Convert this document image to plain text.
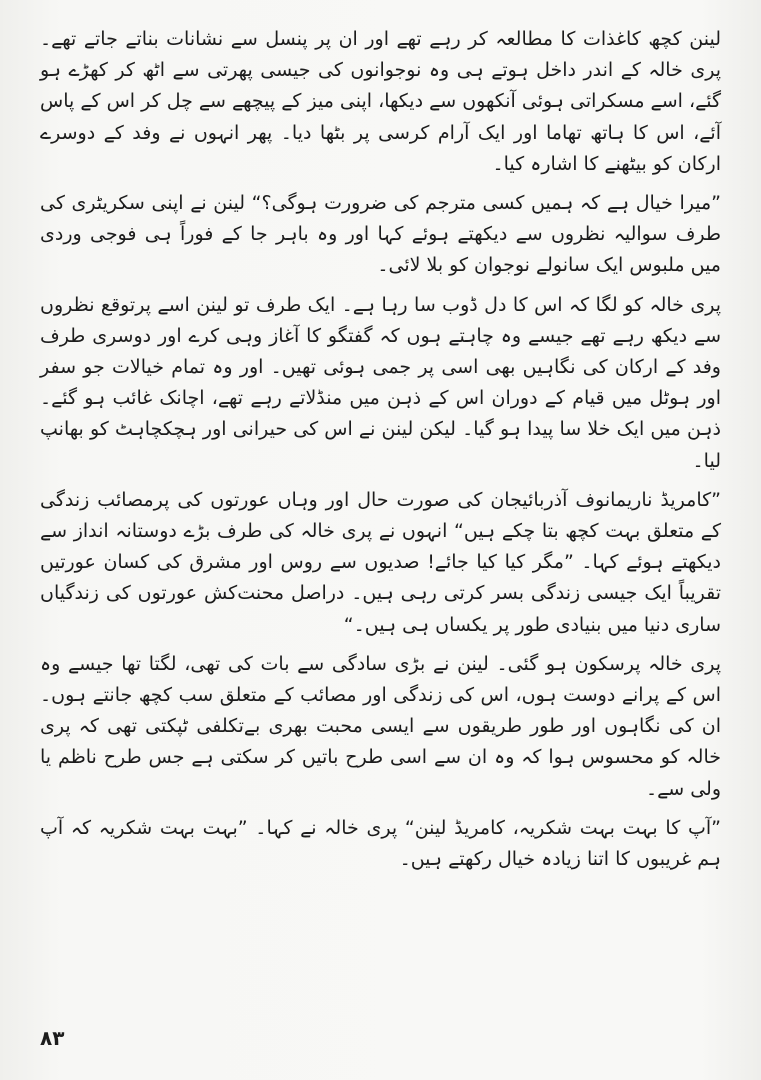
لینن کچھ کاغذات کا مطالعہ کر رہے تھے اور ان پر پنسل سے نشانات بناتے جاتے تھے۔ پری خالہ کے اندر داخل ہوتے ہی وہ نوجوانوں کی جیسی پھرتی سے اٹھ کر کھڑے ہو گئے، اسے مسکراتی ہوئی آنکھوں سے دیکھا، اپنی میز کے پیچھے سے چل کر اس کے پاس آئے، اس کا ہاتھ تھاما اور ایک آرام کرسی پر بٹھا دیا۔ پھر انہوں نے وفد کے دوسرے ارکان کو بیٹھنے کا اشارہ کیا۔

”میرا خیال ہے کہ ہمیں کسی مترجم کی ضرورت ہوگی؟“ لینن نے اپنی سکریٹری کی طرف سوالیہ نظروں سے دیکھتے ہوئے کہا اور وہ باہر جا کے فوراً ہی فوجی وردی میں ملبوس ایک سانولے نوجوان کو بلا لائی۔

پری خالہ کو لگا کہ اس کا دل ڈوب سا رہا ہے۔ ایک طرف تو لینن اسے پرتوقع نظروں سے دیکھ رہے تھے جیسے وہ چاہتے ہوں کہ گفتگو کا آغاز وہی کرے اور دوسری طرف وفد کے ارکان کی نگاہیں بھی اسی پر جمی ہوئی تھیں۔ اور وہ تمام خیالات جو سفر اور ہوٹل میں قیام کے دوران اس کے ذہن میں منڈلاتے رہے تھے، اچانک غائب ہو گئے۔ ذہن میں ایک خلا سا پیدا ہو گیا۔ لیکن لینن نے اس کی حیرانی اور ہچکچاہٹ کو بھانپ لیا۔

”کامریڈ ناریمانوف آذربائیجان کی صورت حال اور وہاں عورتوں کی پرمصائب زندگی کے متعلق بہت کچھ بتا چکے ہیں“ انہوں نے پری خالہ کی طرف بڑے دوستانہ انداز سے دیکھتے ہوئے کہا۔ ”مگر کیا کیا جائے! صدیوں سے روس اور مشرق کی کسان عورتیں تقریباً ایک جیسی زندگی بسر کرتی رہی ہیں۔ دراصل محنت‌کش عورتوں کی زندگیاں ساری دنیا میں بنیادی طور پر یکساں ہی ہیں۔“

پری خالہ پرسکون ہو گئی۔ لینن نے بڑی سادگی سے بات کی تھی، لگتا تھا جیسے وہ اس کے پرانے دوست ہوں، اس کی زندگی اور مصائب کے متعلق سب کچھ جانتے ہوں۔ ان کی نگاہوں اور طور طریقوں سے ایسی محبت بھری بےتکلفی ٹپکتی تھی کہ پری خالہ کو محسوس ہوا کہ وہ ان سے اسی طرح باتیں کر سکتی ہے جس طرح ناظم یا ولی سے۔

”آپ کا بہت بہت شکریہ، کامریڈ لینن“ پری خالہ نے کہا۔ ”بہت بہت شکریہ کہ آپ ہم غریبوں کا اتنا زیادہ خیال رکھتے ہیں۔

۸۳
